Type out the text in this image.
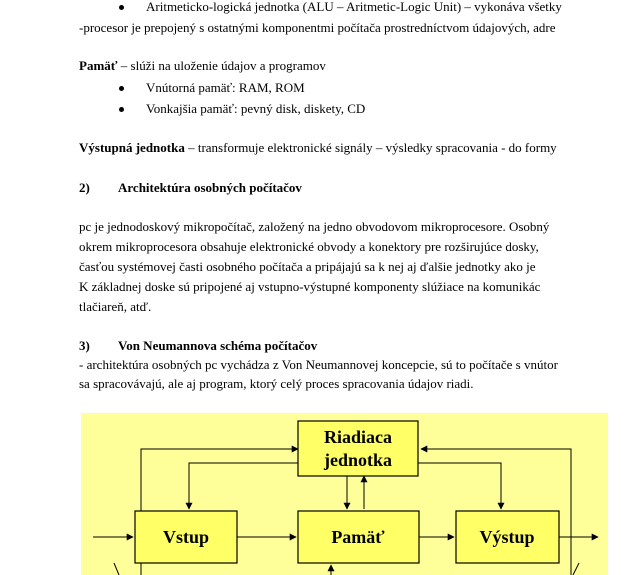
Aritmeticko-logická jednotka (ALU – Aritmetic-Logic Unit) – vykonáva všetky
-procesor je prepojený s ostatnými komponentmi počítača prostredníctvom údajových, adre
Pamäť – slúži na uloženie údajov a programov
Vnútorná pamäť: RAM, ROM
Vonkajšia pamäť: pevný disk, diskety, CD
Výstupná jednotka – transformuje elektronické signály – výsledky spracovania - do formy
2) Architektúra osobných počítačov
pc je jednodoskový mikropočítač, založený na jedno obvodovom mikroprocesore. Osobný
okrem mikroprocesora obsahuje elektronické obvody a konektory pre rozširujúce dosky,
časťou systémovej časti osobného počítača a pripájajú sa k nej aj ďalšie jednotky ako je
K základnej doske sú pripojené aj vstupno-výstupné komponenty slúžiace na komunikác
tlačiareň, atď.
3) Von Neumannova schéma počítačov
- architektúra osobných pc vychádza z Von Neumannovej koncepcie, sú to počítače s vnútor
sa spracovávajú, ale aj program, ktorý celý proces spracovania údajov riadi.
Riadiaca
jednotka
Vstup	Pamäť	Výstup
